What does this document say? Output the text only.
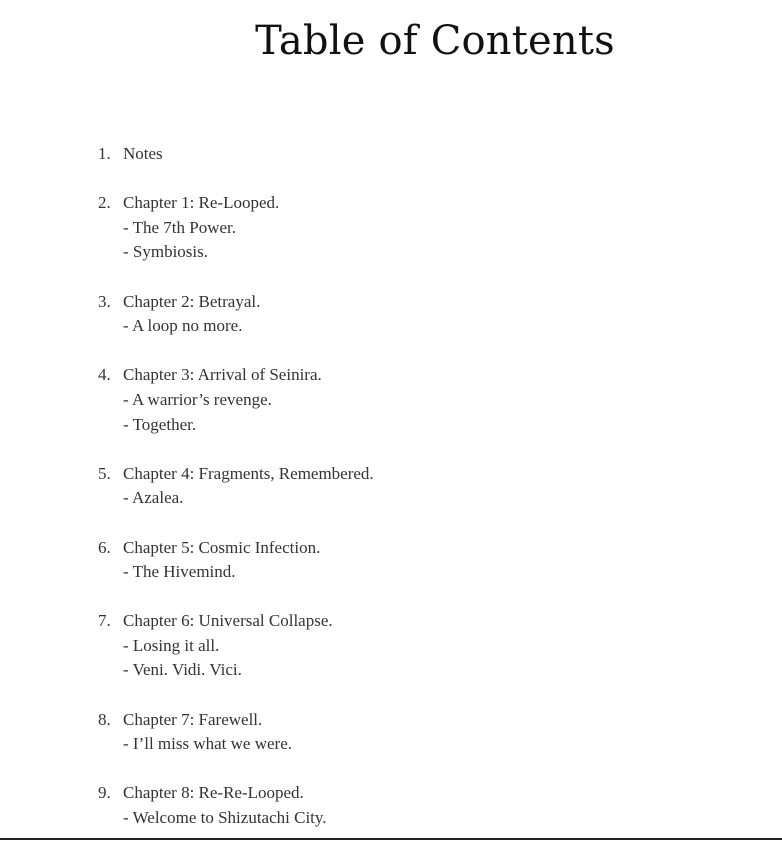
Table of Contents
1. Notes
2. Chapter 1: Re-Looped.
- The 7th Power.
- Symbiosis.
3. Chapter 2: Betrayal.
- A loop no more.
4. Chapter 3: Arrival of Seinira.
- A warrior’s revenge.
- Together.
5. Chapter 4: Fragments, Remembered.
- Azalea.
6. Chapter 5: Cosmic Infection.
- The Hivemind.
7. Chapter 6: Universal Collapse.
- Losing it all.
- Veni. Vidi. Vici.
8. Chapter 7: Farewell.
- I’ll miss what we were.
9. Chapter 8: Re-Re-Looped.
- Welcome to Shizutachi City.
